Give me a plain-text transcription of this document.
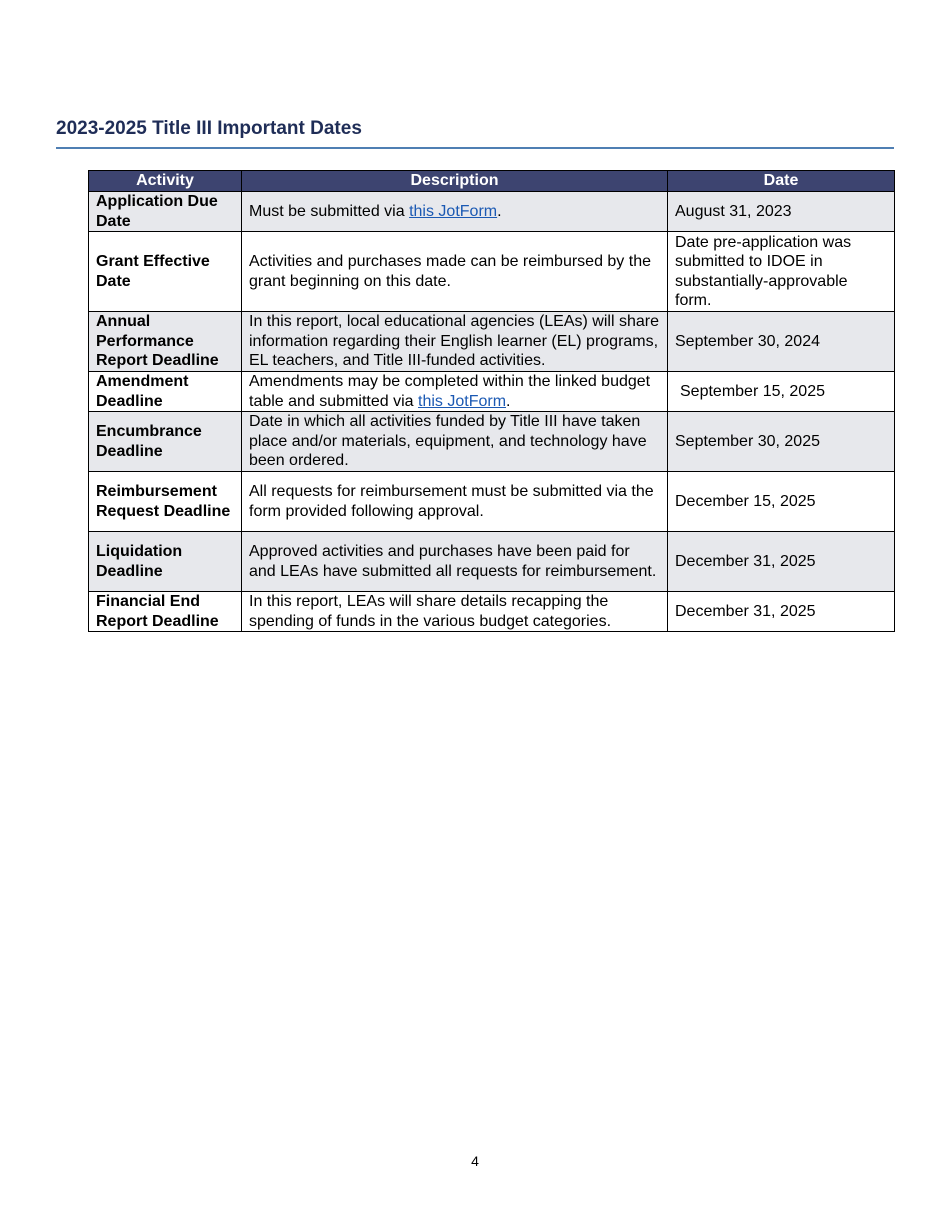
2023-2025 Title III Important Dates
Activity	Description	Date
Application Due Date	Must be submitted via this JotForm.	August 31, 2023
Grant Effective Date	Activities and purchases made can be reimbursed by the grant beginning on this date.	Date pre-application was submitted to IDOE in substantially-approvable form.
Annual Performance Report Deadline	In this report, local educational agencies (LEAs) will share information regarding their English learner (EL) programs, EL teachers, and Title III-funded activities.	September 30, 2024
Amendment Deadline	Amendments may be completed within the linked budget table and submitted via this JotForm.	September 15, 2025
Encumbrance Deadline	Date in which all activities funded by Title III have taken place and/or materials, equipment, and technology have been ordered.	September 30, 2025
Reimbursement Request Deadline	All requests for reimbursement must be submitted via the form provided following approval.	December 15, 2025
Liquidation Deadline	Approved activities and purchases have been paid for and LEAs have submitted all requests for reimbursement.	December 31, 2025
Financial End Report Deadline	In this report, LEAs will share details recapping the spending of funds in the various budget categories.	December 31, 2025
4
